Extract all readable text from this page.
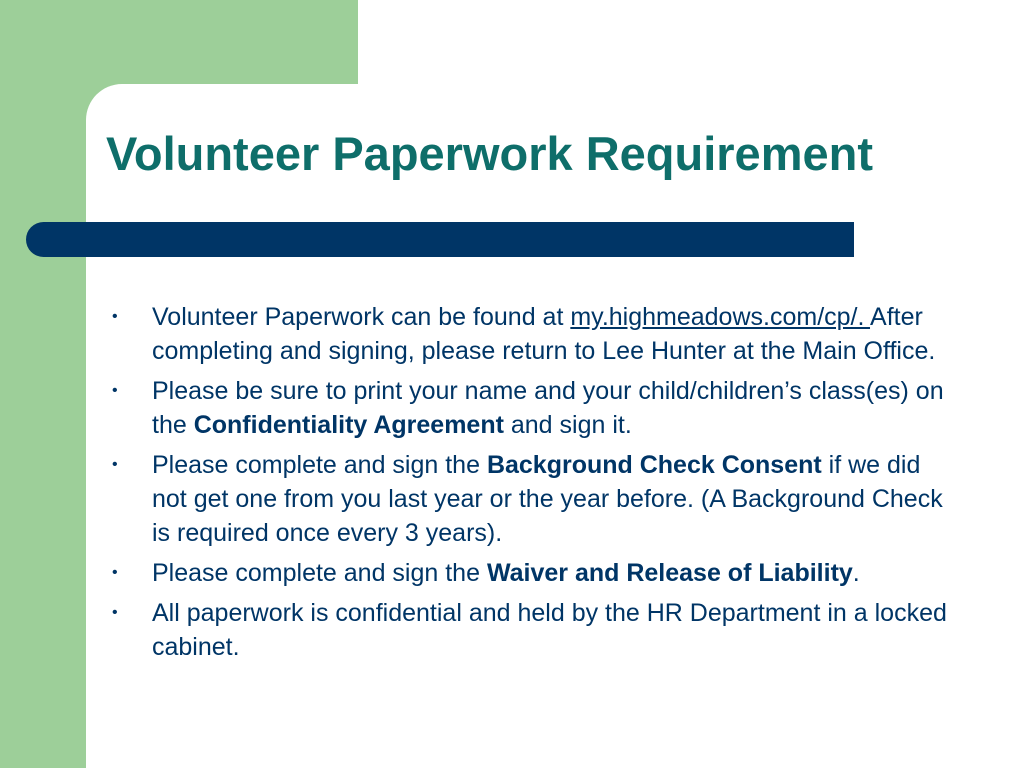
Volunteer Paperwork Requirement
• Volunteer Paperwork can be found at my.highmeadows.com/cp/. After completing and signing, please return to Lee Hunter at the Main Office.
• Please be sure to print your name and your child/children’s class(es) on the Confidentiality Agreement and sign it.
• Please complete and sign the Background Check Consent if we did not get one from you last year or the year before. (A Background Check is required once every 3 years).
• Please complete and sign the Waiver and Release of Liability.
• All paperwork is confidential and held by the HR Department in a locked cabinet.
